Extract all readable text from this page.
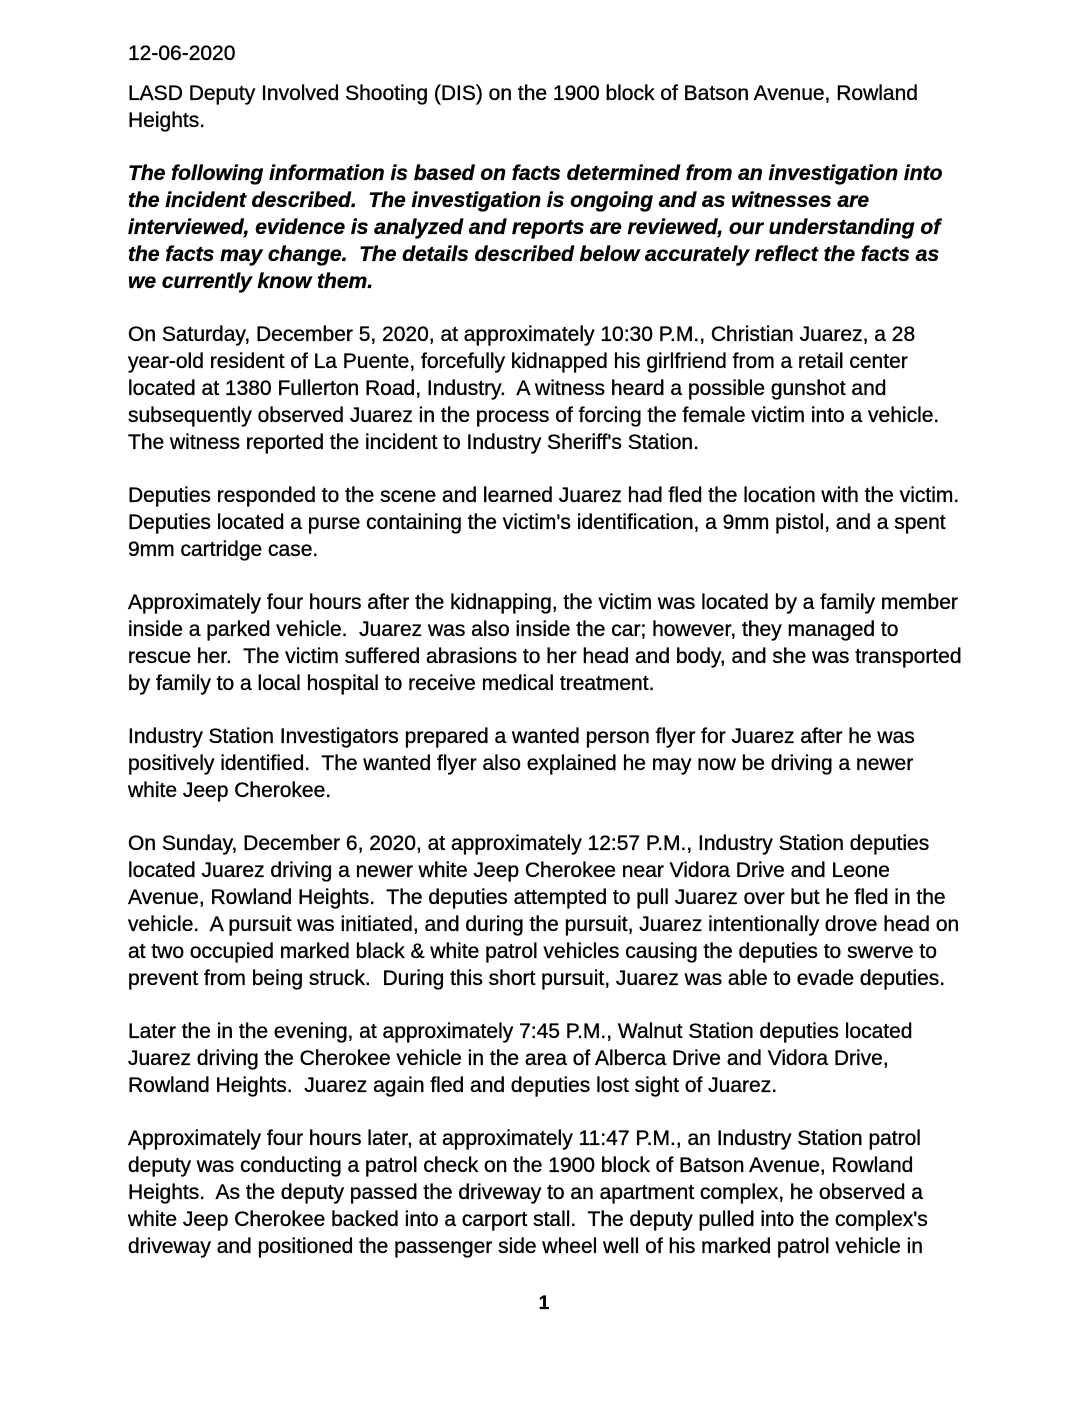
12-06-2020

LASD Deputy Involved Shooting (DIS) on the 1900 block of Batson Avenue, Rowland Heights.

The following information is based on facts determined from an investigation into the incident described.  The investigation is ongoing and as witnesses are interviewed, evidence is analyzed and reports are reviewed, our understanding of the facts may change.  The details described below accurately reflect the facts as we currently know them.

On Saturday, December 5, 2020, at approximately 10:30 P.M., Christian Juarez, a 28 year-old resident of La Puente, forcefully kidnapped his girlfriend from a retail center located at 1380 Fullerton Road, Industry.  A witness heard a possible gunshot and subsequently observed Juarez in the process of forcing the female victim into a vehicle.  The witness reported the incident to Industry Sheriff's Station.

Deputies responded to the scene and learned Juarez had fled the location with the victim.  Deputies located a purse containing the victim's identification, a 9mm pistol, and a spent 9mm cartridge case.

Approximately four hours after the kidnapping, the victim was located by a family member inside a parked vehicle.  Juarez was also inside the car; however, they managed to rescue her.  The victim suffered abrasions to her head and body, and she was transported by family to a local hospital to receive medical treatment.

Industry Station Investigators prepared a wanted person flyer for Juarez after he was positively identified.  The wanted flyer also explained he may now be driving a newer white Jeep Cherokee.

On Sunday, December 6, 2020, at approximately 12:57 P.M., Industry Station deputies located Juarez driving a newer white Jeep Cherokee near Vidora Drive and Leone Avenue, Rowland Heights.  The deputies attempted to pull Juarez over but he fled in the vehicle.  A pursuit was initiated, and during the pursuit, Juarez intentionally drove head on at two occupied marked black & white patrol vehicles causing the deputies to swerve to prevent from being struck.  During this short pursuit, Juarez was able to evade deputies.

Later the in the evening, at approximately 7:45 P.M., Walnut Station deputies located Juarez driving the Cherokee vehicle in the area of Alberca Drive and Vidora Drive, Rowland Heights.  Juarez again fled and deputies lost sight of Juarez.

Approximately four hours later, at approximately 11:47 P.M., an Industry Station patrol deputy was conducting a patrol check on the 1900 block of Batson Avenue, Rowland Heights.  As the deputy passed the driveway to an apartment complex, he observed a white Jeep Cherokee backed into a carport stall.  The deputy pulled into the complex's driveway and positioned the passenger side wheel well of his marked patrol vehicle in

1
